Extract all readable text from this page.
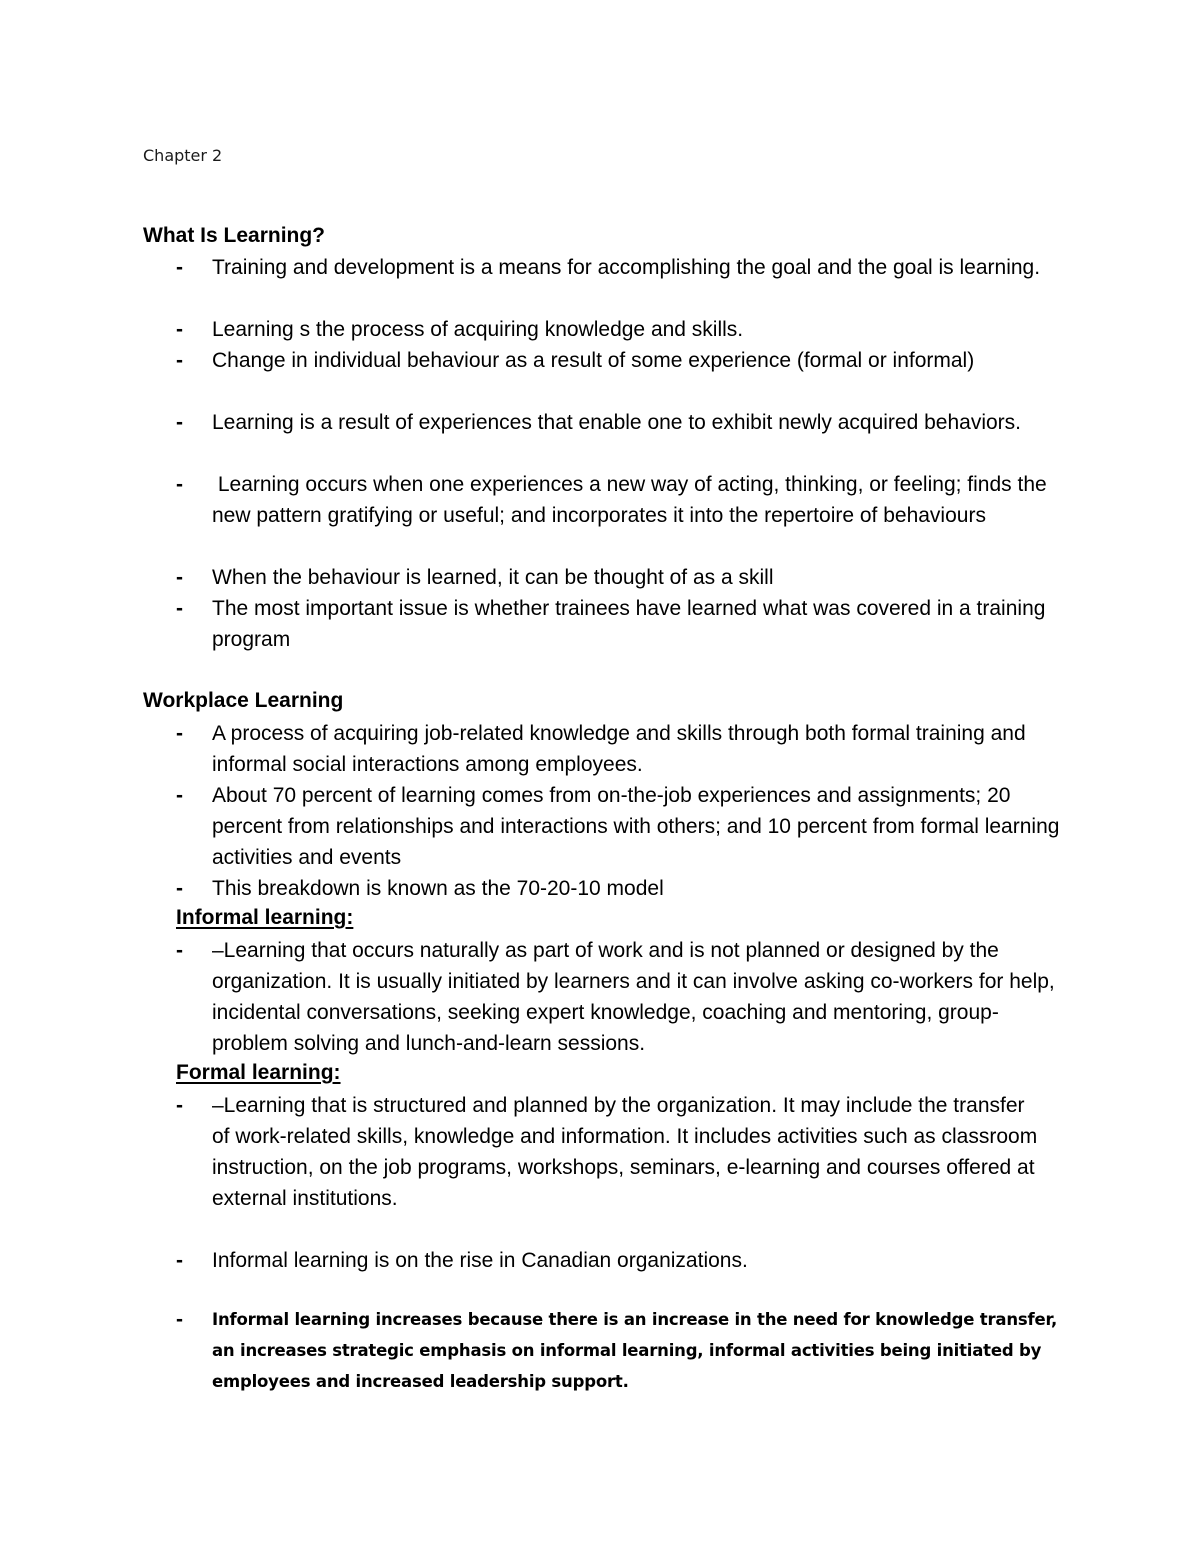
Chapter 2
What Is Learning?
- Training and development is a means for accomplishing the goal and the goal is learning.
- Learning s the process of acquiring knowledge and skills.
- Change in individual behaviour as a result of some experience (formal or informal)
- Learning is a result of experiences that enable one to exhibit newly acquired behaviors.
- Learning occurs when one experiences a new way of acting, thinking, or feeling; finds the new pattern gratifying or useful; and incorporates it into the repertoire of behaviours
- When the behaviour is learned, it can be thought of as a skill
- The most important issue is whether trainees have learned what was covered in a training program
Workplace Learning
- A process of acquiring job-related knowledge and skills through both formal training and informal social interactions among employees.
- About 70 percent of learning comes from on-the-job experiences and assignments; 20 percent from relationships and interactions with others; and 10 percent from formal learning activities and events
- This breakdown is known as the 70-20-10 model
Informal learning:
- –Learning that occurs naturally as part of work and is not planned or designed by the organization. It is usually initiated by learners and it can involve asking co-workers for help, incidental conversations, seeking expert knowledge, coaching and mentoring, group-problem solving and lunch-and-learn sessions.
Formal learning:
- –Learning that is structured and planned by the organization. It may include the transfer of work-related skills, knowledge and information. It includes activities such as classroom instruction, on the job programs, workshops, seminars, e-learning and courses offered at external institutions.
- Informal learning is on the rise in Canadian organizations.
- Informal learning increases because there is an increase in the need for knowledge transfer, an increases strategic emphasis on informal learning, informal activities being initiated by employees and increased leadership support.
